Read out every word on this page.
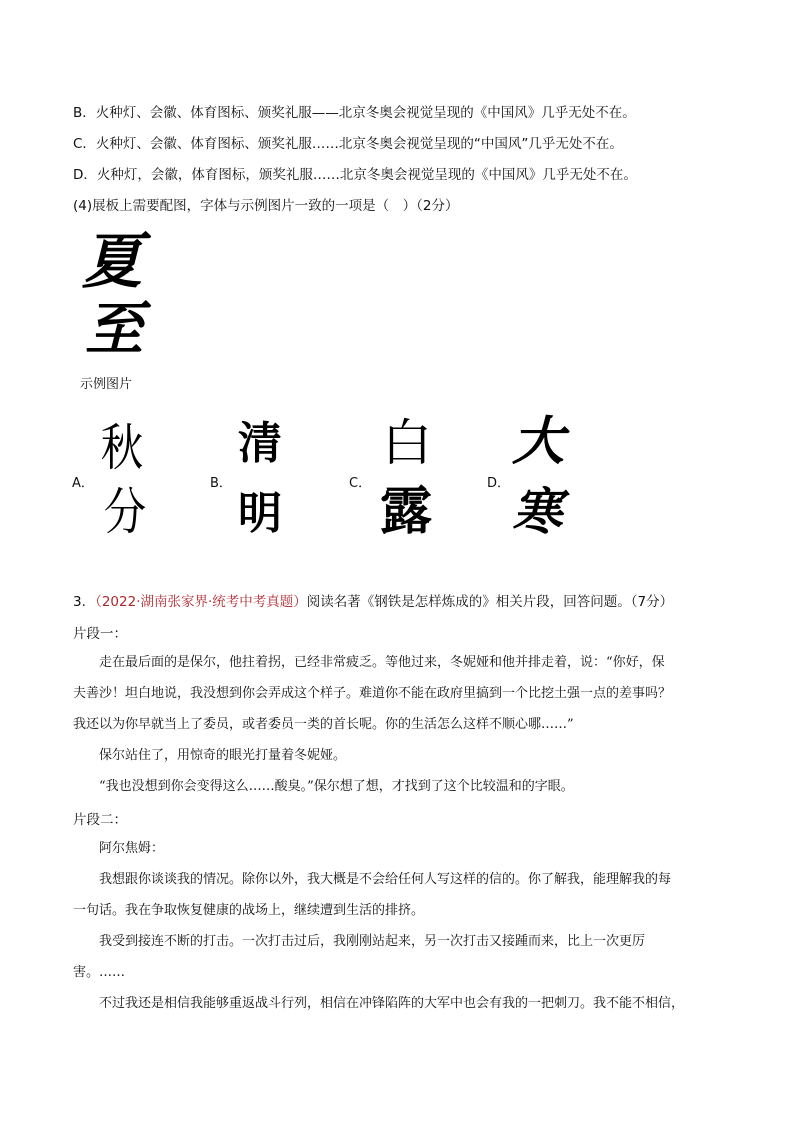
B．火种灯、会徽、体育图标、颁奖礼服——北京冬奥会视觉呈现的《中国风》几乎无处不在。
C．火种灯、会徽、体育图标、颁奖礼服……北京冬奥会视觉呈现的“中国风”几乎无处不在。
D．火种灯，会徽，体育图标，颁奖礼服……北京冬奥会视觉呈现的《中国风》几乎无处不在。
(4)展板上需要配图，字体与示例图片一致的一项是（　）（2分）
夏
至
示例图片
A．
秋
分	B．
清
明
C．
白
露	D．
大
寒
3．（2022·湖南张家界·统考中考真题）阅读名著《钢铁是怎样炼成的》相关片段，回答问题。（7分）
片段一：
走在最后面的是保尔，他拄着拐，已经非常疲乏。等他过来，冬妮娅和他并排走着，说：“你好，保
夫善沙！坦白地说，我没想到你会弄成这个样子。难道你不能在政府里搞到一个比挖土强一点的差事吗？
我还以为你早就当上了委员，或者委员一类的首长呢。你的生活怎么这样不顺心哪……”
保尔站住了，用惊奇的眼光打量着冬妮娅。
“我也没想到你会变得这么……酸臭。”保尔想了想，才找到了这个比较温和的字眼。
片段二：
阿尔焦姆：
我想跟你谈谈我的情况。除你以外，我大概是不会给任何人写这样的信的。你了解我，能理解我的每
一句话。我在争取恢复健康的战场上，继续遭到生活的排挤。
我受到接连不断的打击。一次打击过后，我刚刚站起来，另一次打击又接踵而来，比上一次更厉
害。……
不过我还是相信我能够重返战斗行列，相信在冲锋陷阵的大军中也会有我的一把刺刀。我不能不相信，
